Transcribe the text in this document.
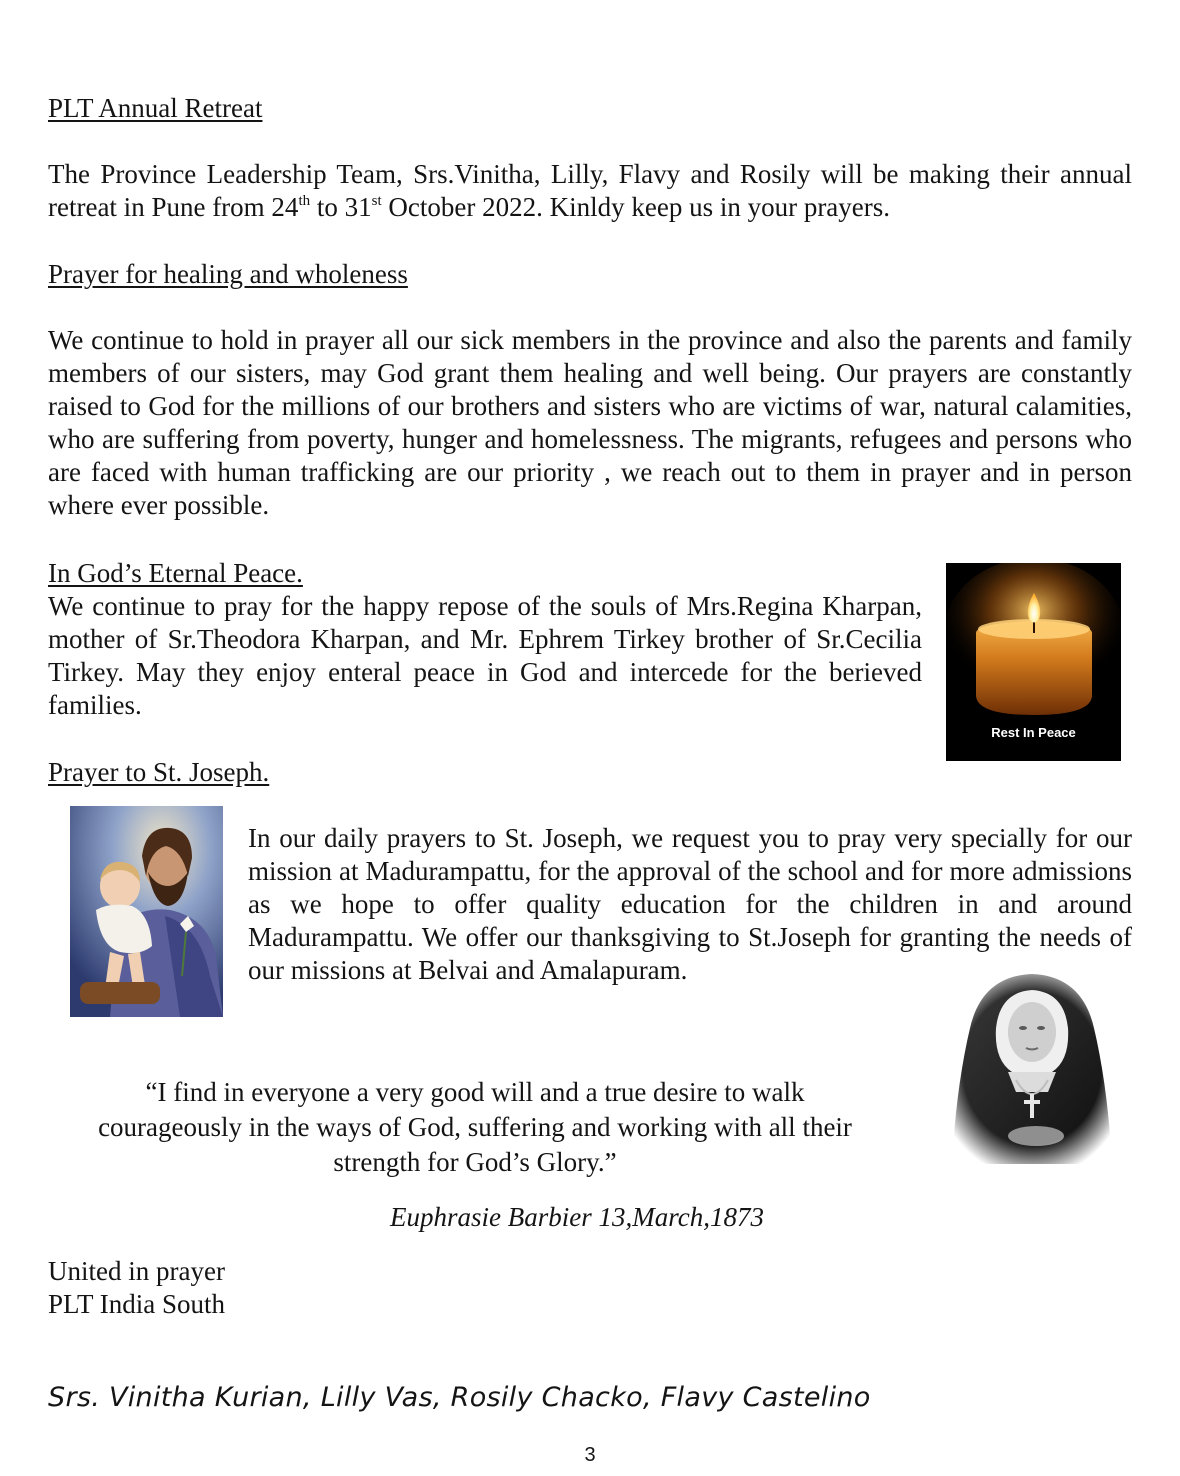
PLT Annual Retreat

The Province Leadership Team, Srs.Vinitha, Lilly, Flavy and Rosily will be making their annual retreat in Pune from 24th to 31st October 2022. Kinldy keep us in your prayers.

Prayer for healing and wholeness

We continue to hold in prayer all our sick members in the province and also the parents and family members of our sisters, may God grant them healing and well being. Our prayers are constantly raised to God for the millions of our brothers and sisters who are victims of war, natural calamities, who are suffering from poverty, hunger and homelessness. The migrants, refugees and persons who are faced with human trafficking are our priority , we reach out to them in prayer and in person where ever possible.

In God’s Eternal Peace.

We continue to pray for the happy repose of the souls of Mrs.Regina Kharpan, mother of Sr.Theodora Kharpan, and Mr. Ephrem Tirkey brother of Sr.Cecilia Tirkey. May they enjoy enteral peace in God and intercede for the berieved families.

Rest In Peace
Prayer to St. Joseph.

In our daily prayers to St. Joseph, we request you to pray very specially for our mission at Madurampattu, for the approval of the school and for more admissions as we hope to offer quality education for the children in and around Madurampattu. We offer our thanksgiving to St.Joseph for granting the needs of our missions at Belvai and Amalapuram.

“I find in everyone a very good will and a true desire to walk
courageously in the ways of God, suffering and working with all their
strength for God’s Glory.”

Euphrasie Barbier 13,March,1873

United in prayer
PLT India South

Srs. Vinitha Kurian, Lilly Vas, Rosily Chacko, Flavy Castelino

3
